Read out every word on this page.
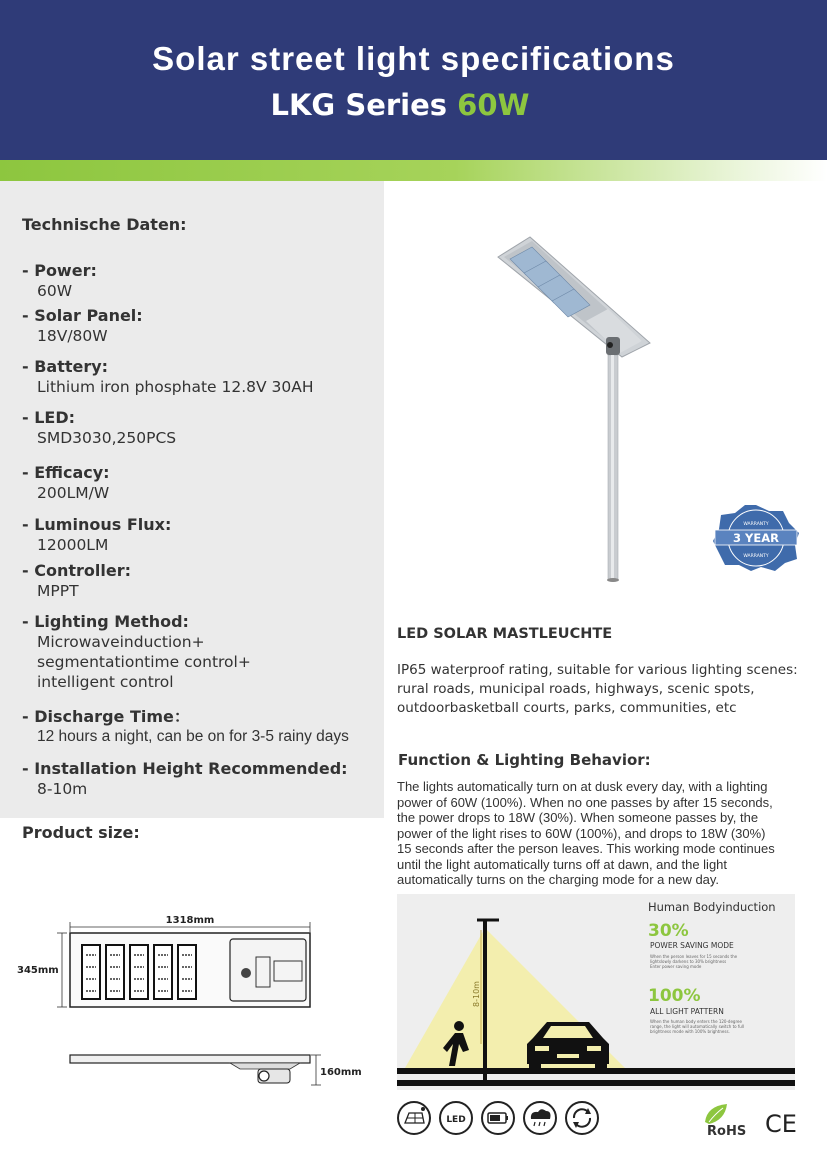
Solar street light specifications
LKG Series 60W
Technische Daten:
- Power:
60W
- Solar Panel:
18V/80W
- Battery:
Lithium iron phosphate 12.8V 30AH
- LED:
SMD3030,250PCS
- Efficacy:
200LM/W
- Luminous Flux:
12000LM
- Controller:
MPPT
- Lighting Method:
Microwaveinduction+
segmentationtime control+
intelligent control
- Discharge Time：
12 hours a night, can be on for 3-5 rainy days
- Installation Height Recommended:
8-10m
Product size:
1318mm
345mm
160mm
WARRANTY
3 YEAR
WARRANTY
LED SOLAR MASTLEUCHTE
IP65 waterproof rating, suitable for various lighting scenes:
rural roads, municipal roads, highways, scenic spots,
outdoorbasketball courts, parks, communities, etc
Function & Lighting Behavior:
The lights automatically turn on at dusk every day, with a lighting
power of 60W (100%). When no one passes by after 15 seconds,
the power drops to 18W (30%). When someone passes by, the
power of the light rises to 60W (100%), and drops to 18W (30%)
15 seconds after the person leaves. This working mode continues
until the light automatically turns off at dawn, and the light
automatically turns on the charging mode for a new day.
8-10m
Human Bodyinduction
30%
POWER SAVING MODE
When the person leaves for 15 seconds the
lightslowly darkens to 30% brightness
Enter power saving mode
100%
ALL LIGHT PATTERN
When the human body enters the 120-degree
range, the light will automatically switch to full
brightness mode with 100% brightness.
LED
RoHS CE
